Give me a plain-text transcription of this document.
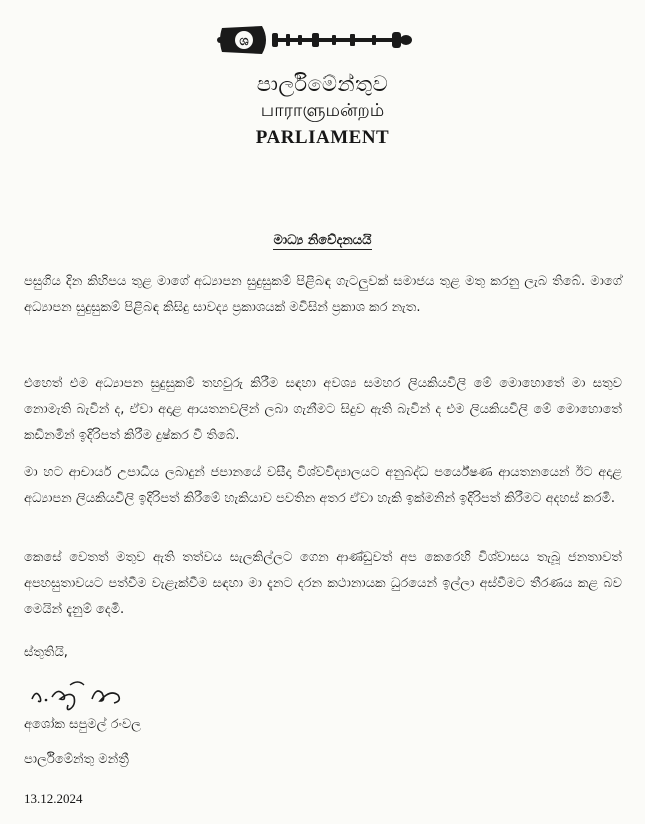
ශ
පාර්ලිමේන්තුව
பாராளுமன்றம்
PARLIAMENT
මාධ්‍ය නිවේදනයයි

පසුගිය දින කිහිපය තුළ මාගේ අධ්‍යාපන සුදුසුකම් පිළිබඳ ගැටලුවක් සමාජය තුළ මතු කරනු ලැබ තිබේ. මාගේ අධ්‍යාපන සුදුසුකම් පිළිබඳ කිසිදු සාවද්‍ය ප්‍රකාශයක් මවිසින් ප්‍රකාශ කර නැත.

එහෙත් එම අධ්‍යාපන සුදුසුකම් තහවුරු කිරීම සඳහා අවශ්‍ය සමහර ලියකියවිලි මේ මොහොතේ මා සතුව නොමැති බැවින් ද, ඒවා අදාළ ආයතනවලින් ලබා ගැනීමට සිදුව ඇති බැවින් ද එම ලියකියවිලි මේ මොහොතේ කඩිනමින් ඉදිරිපත් කිරීම දුෂ්කර වී තිබේ.

මා හට ආචාර්ය උපාධිය ලබාදුන් ජපානයේ වසීදා විශ්වවිද්‍යාලයට අනුබද්ධ පර්යේෂණ ආයතනයෙන් ඊට අදාළ අධ්‍යාපන ලියකියවිලි ඉදිරිපත් කිරීමේ හැකියාව පවතින අතර ඒවා හැකි ඉක්මනින් ඉදිරිපත් කිරීමට අදහස් කරමි.

කෙසේ වෙතත් මතුව ඇති තත්වය සැලකිල්ලට ගෙන ආණ්ඩුවත් අප කෙරෙහි විශ්වාසය තැබූ ජනතාවත් අපහසුතාවයට පත්වීම වැළැක්වීම සඳහා මා දැනට දරන කථානායක ධුරයෙන් ඉල්ලා අස්වීමට තීරණය කළ බව මෙයින් දැනුම් දෙමි.

ස්තුතියි,
අශෝක සපුමල් රංවල
පාර්ලිමේන්තු මන්ත්‍රී
13.12.2024
